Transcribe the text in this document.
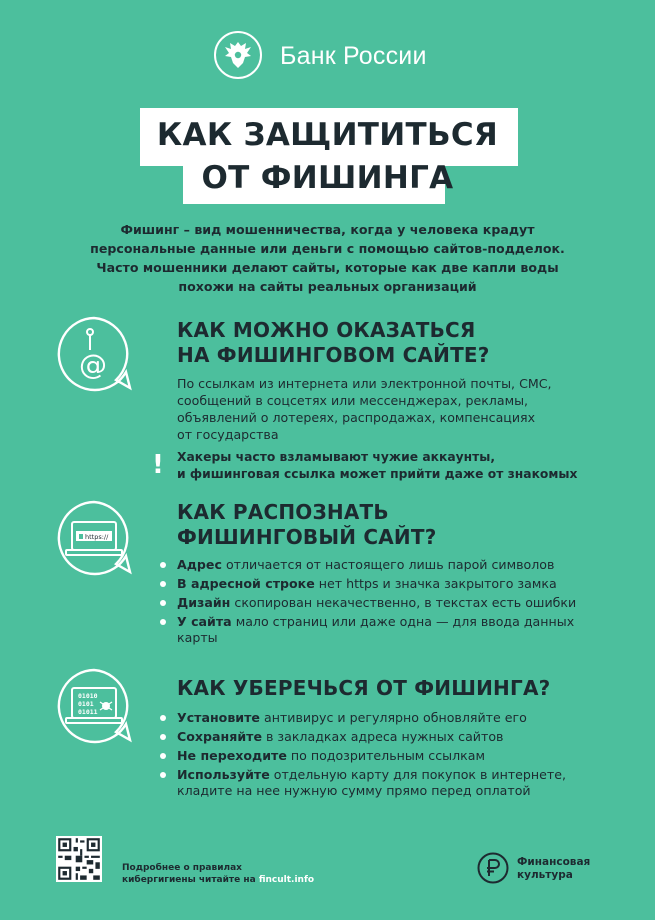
Банк России
КАК ЗАЩИТИТЬСЯ
ОТ ФИШИНГА
Фишинг – вид мошенничества, когда у человека крадут
персональные данные или деньги с помощью сайтов-подделок.
Часто мошенники делают сайты, которые как две капли воды
похожи на сайты реальных организаций
@
КАК МОЖНО ОКАЗАТЬСЯ
НА ФИШИНГОВОМ САЙТЕ?
По ссылкам из интернета или электронной почты, СМС,
сообщений в соцсетях или мессенджерах, рекламы,
объявлений о лотереях, распродажах, компенсациях
от государства
! Хакеры часто взламывают чужие аккаунты,
и фишинговая ссылка может прийти даже от знакомых
https://
КАК РАСПОЗНАТЬ
ФИШИНГОВЫЙ САЙТ?
Адрес отличается от настоящего лишь парой символов
В адресной строке нет https и значка закрытого замка
Дизайн скопирован некачественно, в текстах есть ошибки
У сайта мало страниц или даже одна — для ввода данных
карты
01010
0101
01011
КАК УБЕРЕЧЬСЯ ОТ ФИШИНГА?
Установите антивирус и регулярно обновляйте его
Сохраняйте в закладках адреса нужных сайтов
Не переходите по подозрительным ссылкам
Используйте отдельную карту для покупок в интернете,
кладите на нее нужную сумму прямо перед оплатой
Подробнее о правилах
кибергигиены читайте на fincult.info
Финансовая
культура
